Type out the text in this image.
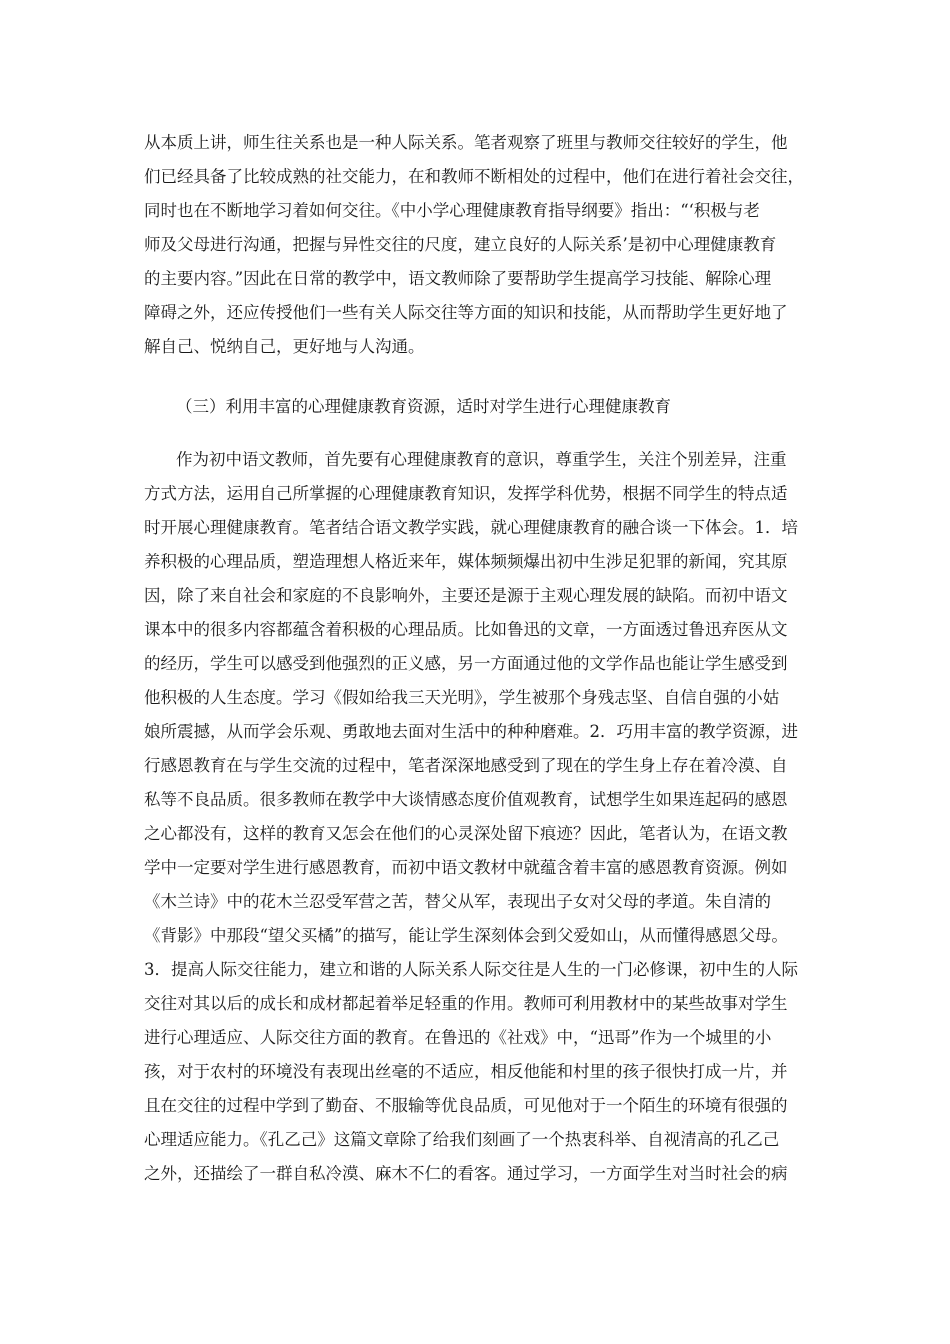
从本质上讲，师生往关系也是一种人际关系。笔者观察了班里与教师交往较好的学生，他
们已经具备了比较成熟的社交能力，在和教师不断相处的过程中，他们在进行着社会交往，
同时也在不断地学习着如何交往。《中小学心理健康教育指导纲要》指出：“‘积极与老
师及父母进行沟通，把握与异性交往的尺度，建立良好的人际关系’是初中心理健康教育
的主要内容。”因此在日常的教学中，语文教师除了要帮助学生提高学习技能、解除心理
障碍之外，还应传授他们一些有关人际交往等方面的知识和技能，从而帮助学生更好地了
解自己、悦纳自己，更好地与人沟通。
（三）利用丰富的心理健康教育资源，适时对学生进行心理健康教育
作为初中语文教师，首先要有心理健康教育的意识，尊重学生，关注个别差异，注重
方式方法，运用自己所掌握的心理健康教育知识，发挥学科优势，根据不同学生的特点适
时开展心理健康教育。笔者结合语文教学实践，就心理健康教育的融合谈一下体会。1．培
养积极的心理品质，塑造理想人格近来年，媒体频频爆出初中生涉足犯罪的新闻，究其原
因，除了来自社会和家庭的不良影响外，主要还是源于主观心理发展的缺陷。而初中语文
课本中的很多内容都蕴含着积极的心理品质。比如鲁迅的文章，一方面透过鲁迅弃医从文
的经历，学生可以感受到他强烈的正义感，另一方面通过他的文学作品也能让学生感受到
他积极的人生态度。学习《假如给我三天光明》，学生被那个身残志坚、自信自强的小姑
娘所震撼，从而学会乐观、勇敢地去面对生活中的种种磨难。2．巧用丰富的教学资源，进
行感恩教育在与学生交流的过程中，笔者深深地感受到了现在的学生身上存在着冷漠、自
私等不良品质。很多教师在教学中大谈情感态度价值观教育，试想学生如果连起码的感恩
之心都没有，这样的教育又怎会在他们的心灵深处留下痕迹？因此，笔者认为，在语文教
学中一定要对学生进行感恩教育，而初中语文教材中就蕴含着丰富的感恩教育资源。例如
《木兰诗》中的花木兰忍受军营之苦，替父从军，表现出子女对父母的孝道。朱自清的
《背影》中那段“望父买橘”的描写，能让学生深刻体会到父爱如山，从而懂得感恩父母。
3．提高人际交往能力，建立和谐的人际关系人际交往是人生的一门必修课，初中生的人际
交往对其以后的成长和成材都起着举足轻重的作用。教师可利用教材中的某些故事对学生
进行心理适应、人际交往方面的教育。在鲁迅的《社戏》中，“迅哥”作为一个城里的小
孩，对于农村的环境没有表现出丝毫的不适应，相反他能和村里的孩子很快打成一片，并
且在交往的过程中学到了勤奋、不服输等优良品质，可见他对于一个陌生的环境有很强的
心理适应能力。《孔乙己》这篇文章除了给我们刻画了一个热衷科举、自视清高的孔乙己
之外，还描绘了一群自私冷漠、麻木不仁的看客。通过学习，一方面学生对当时社会的病
